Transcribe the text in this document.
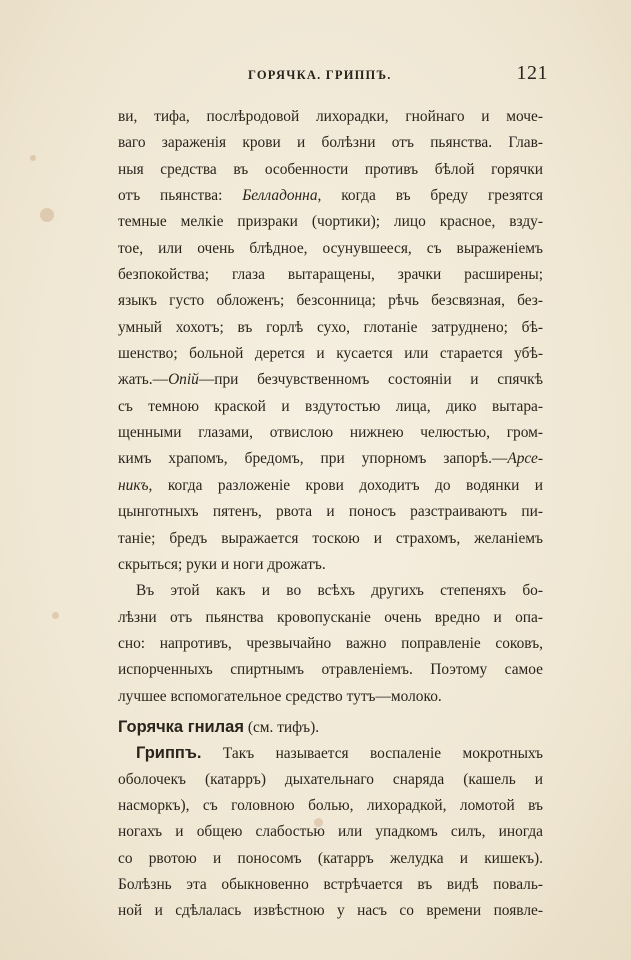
ГОРЯЧКА. ГРИППЪ.	121
ви, тифа, послѣродовой лихорадки, гнойнаго и моче-
ваго зараженія крови и болѣзни отъ пьянства. Глав-
ныя средства въ особенности противъ бѣлой горячки
отъ пьянства: Белладонна, когда въ бреду грезятся
темные мелкіе призраки (чортики); лицо красное, взду-
тое, или очень блѣдное, осунувшееся, съ выраженіемъ
безпокойства; глаза вытаращены, зрачки расширены;
языкъ густо обложенъ; безсонница; рѣчь безсвязная, без-
умный хохотъ; въ горлѣ сухо, глотаніе затруднено; бѣ-
шенство; больной дерется и кусается или старается убѣ-
жать.—Опій—при безчувственномъ состояніи и спячкѣ
съ темною краской и вздутостью лица, дико вытара-
щенными глазами, отвислою нижнею челюстью, гром-
кимъ храпомъ, бредомъ, при упорномъ запорѣ.—Арсе-
никъ, когда разложеніе крови доходитъ до водянки и
цынготныхъ пятенъ, рвота и поносъ разстраиваютъ пи-
таніе; бредъ выражается тоскою и страхомъ, желаніемъ
скрыться; руки и ноги дрожатъ.
Въ этой какъ и во всѣхъ другихъ степеняхъ бо-
лѣзни отъ пьянства кровопусканіе очень вредно и опа-
сно: напротивъ, чрезвычайно важно поправленіе соковъ,
испорченныхъ спиртнымъ отравленіемъ. Поэтому самое
лучшее вспомогательное средство тутъ—молоко.
Горячка гнилая (см. тифъ).
Гриппъ. Такъ называется воспаленіе мокротныхъ
оболочекъ (катарръ) дыхательнаго снаряда (кашель и
насморкъ), съ головною болью, лихорадкой, ломотой въ
ногахъ и общею слабостью или упадкомъ силъ, иногда
со рвотою и поносомъ (катарръ желудка и кишекъ).
Болѣзнь эта обыкновенно встрѣчается въ видѣ поваль-
ной и сдѣлалась извѣстною у насъ со времени появле-
